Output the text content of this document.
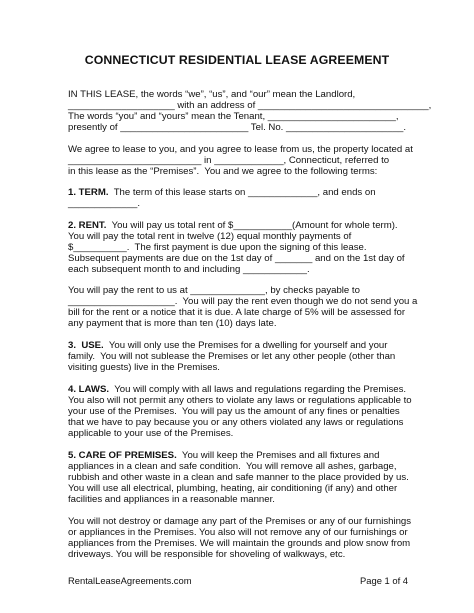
CONNECTICUT RESIDENTIAL LEASE AGREEMENT
IN THIS LEASE, the words “we”, “us”, and “our” mean the Landlord,
____________________ with an address of ________________________________,
The words “you” and “yours” mean the Tenant, ________________________,
presently of ________________________ Tel. No. ______________________.
We agree to lease to you, and you agree to lease from us, the property located at
_________________________ in _____________, Connecticut, referred to
in this lease as the “Premises”.  You and we agree to the following terms:
1. TERM. The term of this lease starts on _____________, and ends on
_____________.
2. RENT. You will pay us total rent of $___________(Amount for whole term).
You will pay the total rent in twelve (12) equal monthly payments of
$__________.  The first payment is due upon the signing of this lease.
Subsequent payments are due on the 1st day of _______ and on the 1st day of
each subsequent month to and including ____________.
You will pay the rent to us at ______________, by checks payable to
____________________.  You will pay the rent even though we do not send you a
bill for the rent or a notice that it is due. A late charge of 5% will be assessed for
any payment that is more than ten (10) days late.
3.  USE. You will only use the Premises for a dwelling for yourself and your
family.  You will not sublease the Premises or let any other people (other than
visiting guests) live in the Premises.
4. LAWS. You will comply with all laws and regulations regarding the Premises.
You also will not permit any others to violate any laws or regulations applicable to
your use of the Premises.  You will pay us the amount of any fines or penalties
that we have to pay because you or any others violated any laws or regulations
applicable to your use of the Premises.
5. CARE OF PREMISES. You will keep the Premises and all fixtures and
appliances in a clean and safe condition.  You will remove all ashes, garbage,
rubbish and other waste in a clean and safe manner to the place provided by us.
You will use all electrical, plumbing, heating, air conditioning (if any) and other
facilities and appliances in a reasonable manner.
You will not destroy or damage any part of the Premises or any of our furnishings
or appliances in the Premises. You also will not remove any of our furnishings or
appliances from the Premises. We will maintain the grounds and plow snow from
driveways. You will be responsible for shoveling of walkways, etc.
RentalLeaseAgreements.com	Page 1 of 4
